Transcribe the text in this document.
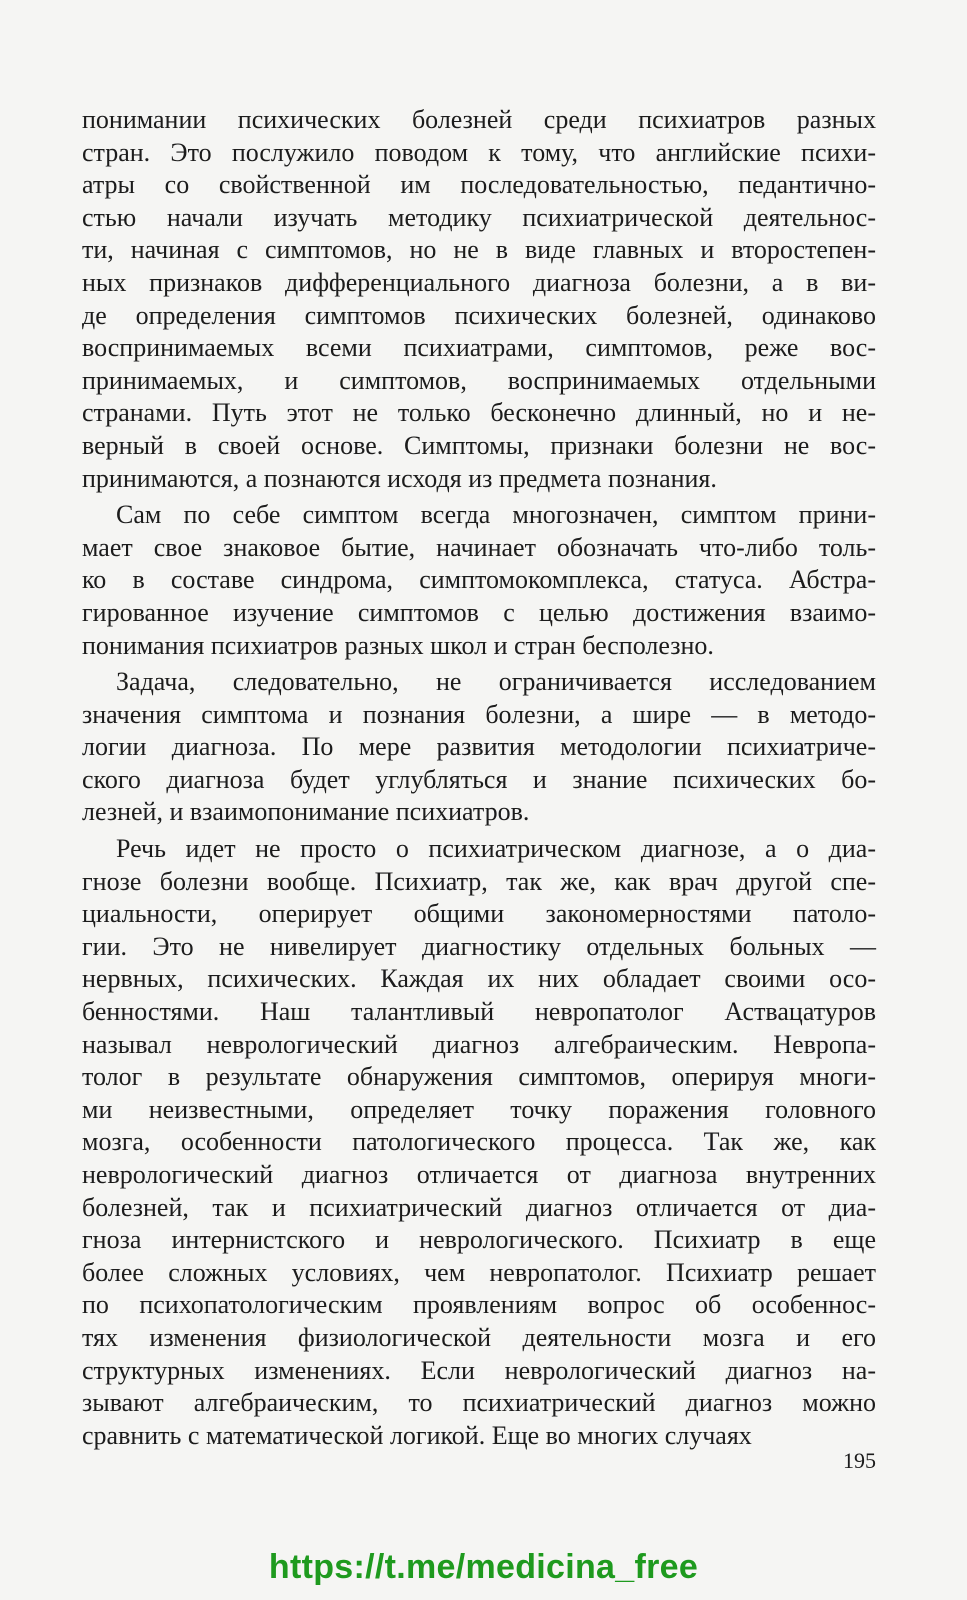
понимании психических болезней среди психиатров разных
стран. Это послужило поводом к тому, что английские психи-
атры со свойственной им последовательностью, педантично-
стью начали изучать методику психиатрической деятельнос-
ти, начиная с симптомов, но не в виде главных и второстепен-
ных признаков дифференциального диагноза болезни, а в ви-
де определения симптомов психических болезней, одинаково
воспринимаемых всеми психиатрами, симптомов, реже вос-
принимаемых, и симптомов, воспринимаемых отдельными
странами. Путь этот не только бесконечно длинный, но и не-
верный в своей основе. Симптомы, признаки болезни не вос-
принимаются, а познаются исходя из предмета познания.
Сам по себе симптом всегда многозначен, симптом прини-
мает свое знаковое бытие, начинает обозначать что-либо толь-
ко в составе синдрома, симптомокомплекса, статуса. Абстра-
гированное изучение симптомов с целью достижения взаимо-
понимания психиатров разных школ и стран бесполезно.
Задача, следовательно, не ограничивается исследованием
значения симптома и познания болезни, а шире — в методо-
логии диагноза. По мере развития методологии психиатриче-
ского диагноза будет углубляться и знание психических бо-
лезней, и взаимопонимание психиатров.
Речь идет не просто о психиатрическом диагнозе, а о диа-
гнозе болезни вообще. Психиатр, так же, как врач другой спе-
циальности, оперирует общими закономерностями патоло-
гии. Это не нивелирует диагностику отдельных больных —
нервных, психических. Каждая их них обладает своими осо-
бенностями. Наш талантливый невропатолог Аствацатуров
называл неврологический диагноз алгебраическим. Невропа-
толог в результате обнаружения симптомов, оперируя многи-
ми неизвестными, определяет точку поражения головного
мозга, особенности патологического процесса. Так же, как
неврологический диагноз отличается от диагноза внутренних
болезней, так и психиатрический диагноз отличается от диа-
гноза интернистского и неврологического. Психиатр в еще
более сложных условиях, чем невропатолог. Психиатр решает
по психопатологическим проявлениям вопрос об особеннос-
тях изменения физиологической деятельности мозга и его
структурных изменениях. Если неврологический диагноз на-
зывают алгебраическим, то психиатрический диагноз можно
сравнить с математической логикой. Еще во многих случаях
195
https://t.me/medicina_free
